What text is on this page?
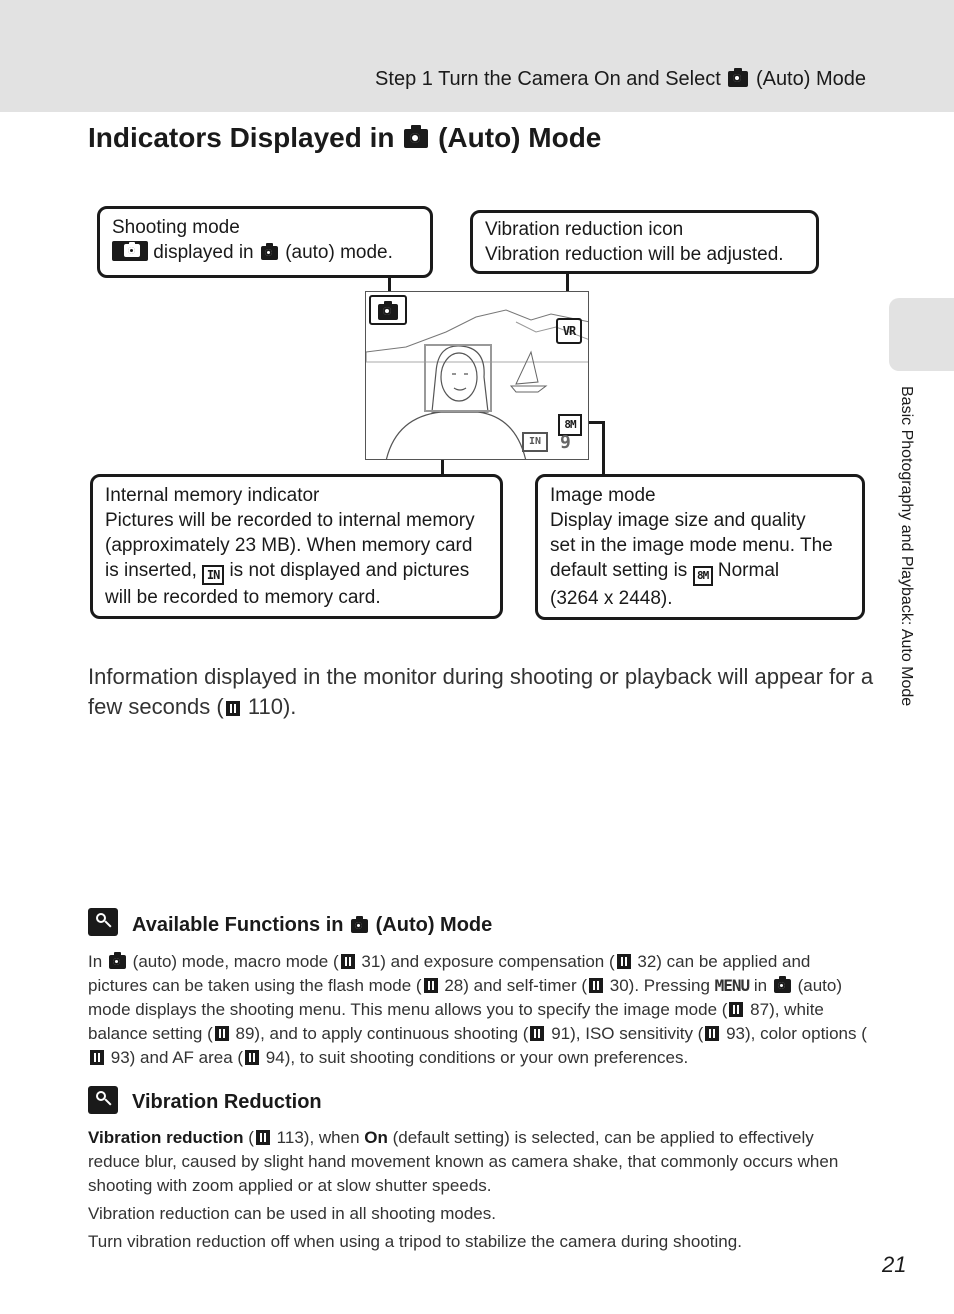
Step 1 Turn the Camera On and Select (Auto) Mode
Indicators Displayed in (Auto) Mode
Shooting mode
displayed in (auto) mode.
Vibration reduction icon
Vibration reduction will be adjusted.
VR
8M
IN	9
Internal memory indicator
Pictures will be recorded to internal memory
(approximately 23 MB). When memory card
is inserted, IN is not displayed and pictures
will be recorded to memory card.
Image mode
Display image size and quality
set in the image mode menu. The
default setting is 8M Normal
(3264 x 2448).
Information displayed in the monitor during shooting or playback will appear for a few seconds ( 110).
Basic Photography and Playback: Auto Mode
Available Functions in (Auto) Mode
In (auto) mode, macro mode ( 31) and exposure compensation ( 32) can be applied and pictures can be taken using the flash mode ( 28) and self-timer ( 30). Pressing MENU in (auto) mode displays the shooting menu. This menu allows you to specify the image mode ( 87), white balance setting ( 89), and to apply continuous shooting ( 91), ISO sensitivity ( 93), color options ( 93) and AF area ( 94), to suit shooting conditions or your own preferences.
Vibration Reduction
Vibration reduction ( 113), when On (default setting) is selected, can be applied to effectively reduce blur, caused by slight hand movement known as camera shake, that commonly occurs when shooting with zoom applied or at slow shutter speeds.
Vibration reduction can be used in all shooting modes.
Turn vibration reduction off when using a tripod to stabilize the camera during shooting.
21
